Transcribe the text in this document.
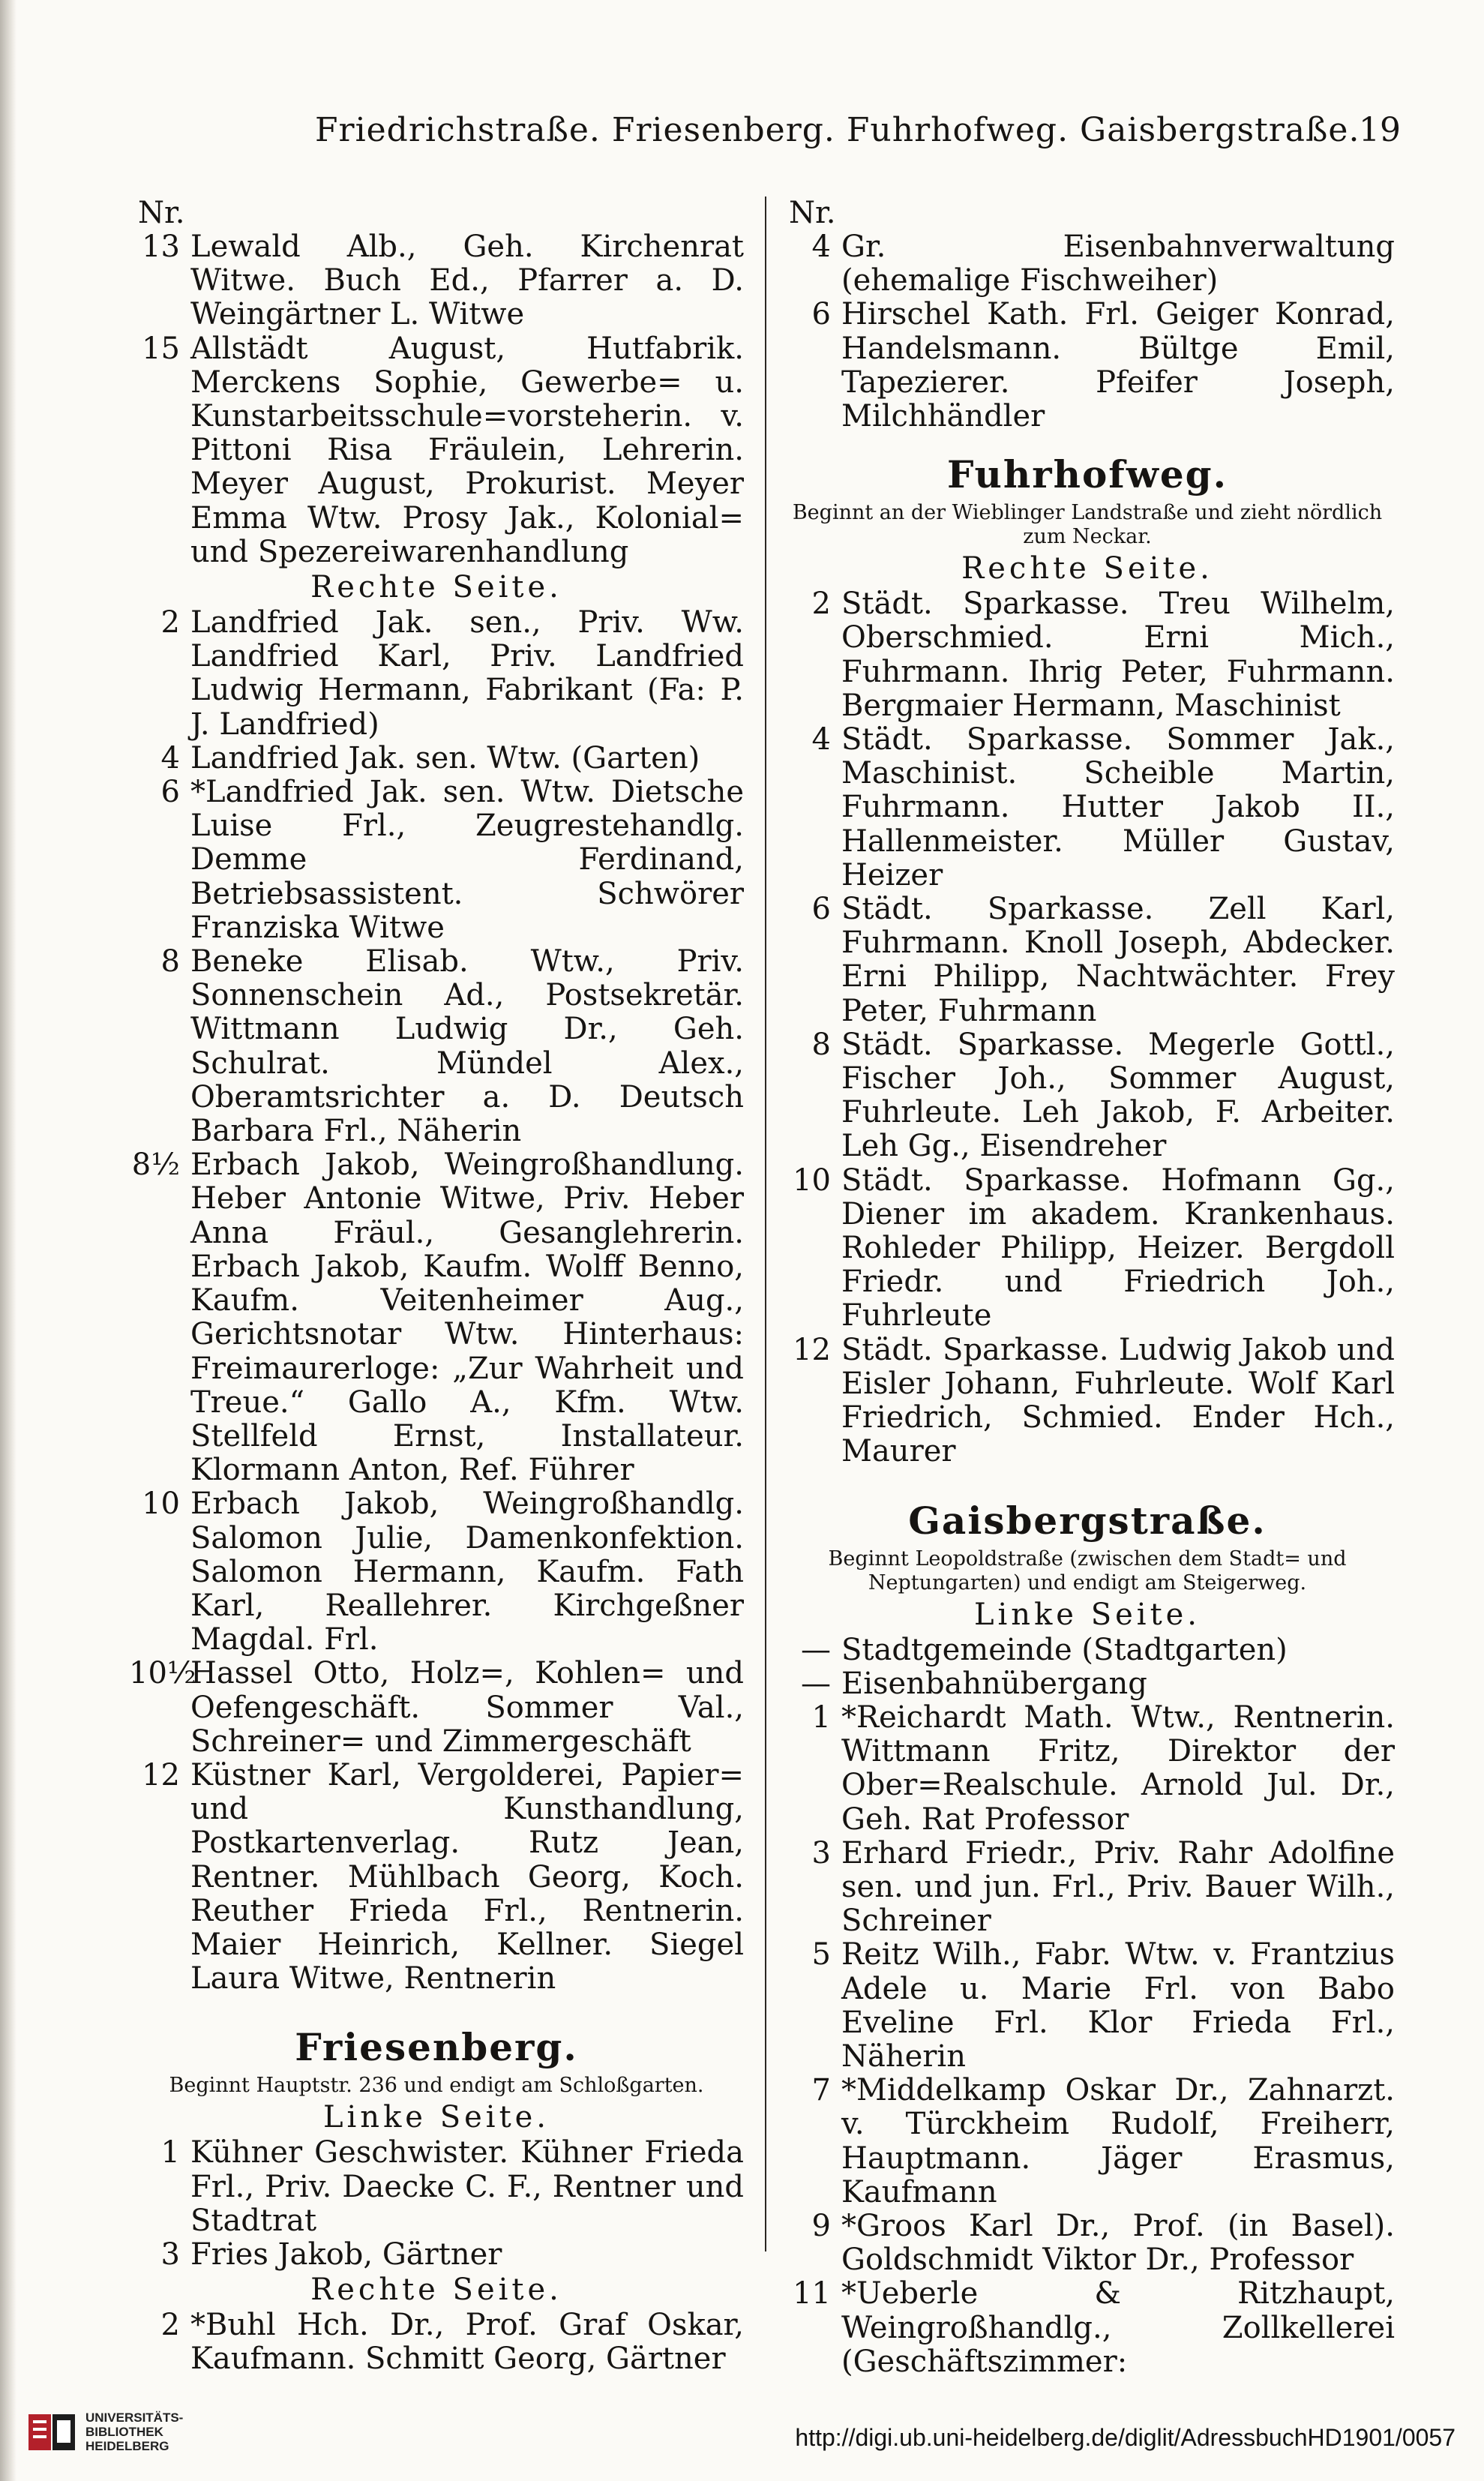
Friedrichstraße. Friesenberg. Fuhrhofweg. Gaisbergstraße.
19
Nr.
13 Lewald Alb., Geh. Kirchenrat Witwe. Buch Ed., Pfarrer a. D. Weingärtner L. Witwe
15 Allstädt August, Hutfabrik. Merckens Sophie, Gewerbe= u. Kunstarbeitsschule=vorsteherin. v. Pittoni Risa Fräulein, Lehrerin. Meyer August, Prokurist. Meyer Emma Wtw. Prosy Jak., Kolonial= und Spezereiwarenhandlung
Rechte Seite.
2 Landfried Jak. sen., Priv. Ww. Landfried Karl, Priv. Landfried Ludwig Hermann, Fabrikant (Fa: P. J. Landfried)
4 Landfried Jak. sen. Wtw. (Garten)
6 *Landfried Jak. sen. Wtw. Dietsche Luise Frl., Zeugrestehandlg. Demme Ferdinand, Betriebsassistent. Schwörer Franziska Witwe
8 Beneke Elisab. Wtw., Priv. Sonnenschein Ad., Postsekretär. Wittmann Ludwig Dr., Geh. Schulrat. Mündel Alex., Oberamtsrichter a. D. Deutsch Barbara Frl., Näherin
8½ Erbach Jakob, Weingroßhandlung. Heber Antonie Witwe, Priv. Heber Anna Fräul., Gesanglehrerin. Erbach Jakob, Kaufm. Wolff Benno, Kaufm. Veitenheimer Aug., Gerichtsnotar Wtw. Hinterhaus: Freimaurerloge: „Zur Wahrheit und Treue.“ Gallo A., Kfm. Wtw. Stellfeld Ernst, Installateur. Klormann Anton, Ref. Führer
10 Erbach Jakob, Weingroßhandlg. Salomon Julie, Damenkonfektion. Salomon Hermann, Kaufm. Fath Karl, Reallehrer. Kirchgeßner Magdal. Frl.
10½
Hassel Otto, Holz=, Kohlen= und Oefengeschäft. Sommer Val., Schreiner= und Zimmergeschäft
12 Küstner Karl, Vergolderei, Papier= und Kunsthandlung, Postkartenverlag. Rutz Jean, Rentner. Mühlbach Georg, Koch. Reuther Frieda Frl., Rentnerin. Maier Heinrich, Kellner. Siegel Laura Witwe, Rentnerin
Friesenberg.
Beginnt Hauptstr. 236 und endigt am Schloßgarten.
Linke Seite.
1 Kühner Geschwister. Kühner Frieda Frl., Priv. Daecke C. F., Rentner und Stadtrat
3 Fries Jakob, Gärtner
Rechte Seite.
2 *Buhl Hch. Dr., Prof. Graf Oskar, Kaufmann. Schmitt Georg, Gärtner
Nr.
4 Gr. Eisenbahnverwaltung (ehemalige Fischweiher)
6 Hirschel Kath. Frl. Geiger Konrad, Handelsmann. Bültge Emil, Tapezierer. Pfeifer Joseph, Milchhändler
Fuhrhofweg.
Beginnt an der Wieblinger Landstraße und zieht nördlich zum Neckar.
Rechte Seite.
2 Städt. Sparkasse. Treu Wilhelm, Oberschmied. Erni Mich., Fuhrmann. Ihrig Peter, Fuhrmann. Bergmaier Hermann, Maschinist
4 Städt. Sparkasse. Sommer Jak., Maschinist. Scheible Martin, Fuhrmann. Hutter Jakob II., Hallenmeister. Müller Gustav, Heizer
6 Städt. Sparkasse. Zell Karl, Fuhrmann. Knoll Joseph, Abdecker. Erni Philipp, Nachtwächter. Frey Peter, Fuhrmann
8 Städt. Sparkasse. Megerle Gottl., Fischer Joh., Sommer August, Fuhrleute. Leh Jakob, F. Arbeiter. Leh Gg., Eisendreher
10 Städt. Sparkasse. Hofmann Gg., Diener im akadem. Krankenhaus. Rohleder Philipp, Heizer. Bergdoll Friedr. und Friedrich Joh., Fuhrleute
12 Städt. Sparkasse. Ludwig Jakob und Eisler Johann, Fuhrleute. Wolf Karl Friedrich, Schmied. Ender Hch., Maurer
Gaisbergstraße.
Beginnt Leopoldstraße (zwischen dem Stadt= und Neptungarten) und endigt am Steigerweg.
Linke Seite.
— Stadtgemeinde (Stadtgarten)
— Eisenbahnübergang
1 *Reichardt Math. Wtw., Rentnerin. Wittmann Fritz, Direktor der Ober=Realschule. Arnold Jul. Dr., Geh. Rat Professor
3 Erhard Friedr., Priv. Rahr Adolfine sen. und jun. Frl., Priv. Bauer Wilh., Schreiner
5 Reitz Wilh., Fabr. Wtw. v. Frantzius Adele u. Marie Frl. von Babo Eveline Frl. Klor Frieda Frl., Näherin
7 *Middelkamp Oskar Dr., Zahnarzt. v. Türckheim Rudolf, Freiherr, Hauptmann. Jäger Erasmus, Kaufmann
9 *Groos Karl Dr., Prof. (in Basel). Goldschmidt Viktor Dr., Professor
11 *Ueberle & Ritzhaupt, Weingroßhandlg., Zollkellerei (Geschäftszimmer:
UNIVERSITÄTS-
BIBLIOTHEK
HEIDELBERG	http://digi.ub.uni-heidelberg.de/diglit/AdressbuchHD1901/0057
